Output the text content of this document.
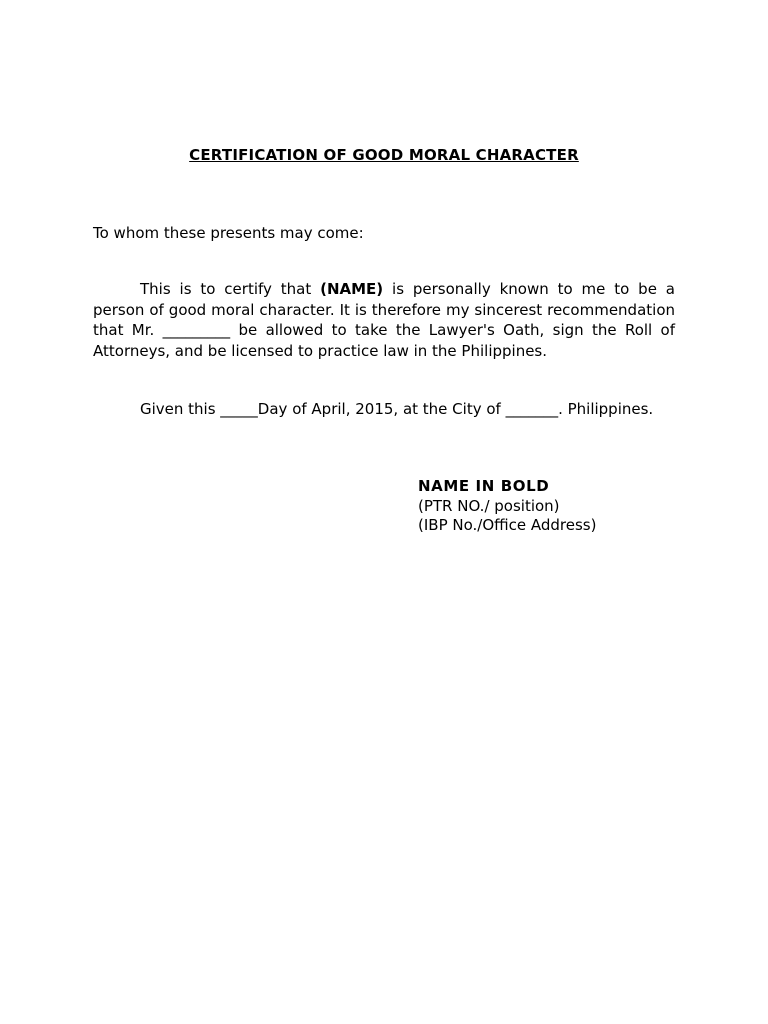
CERTIFICATION OF GOOD MORAL CHARACTER

To whom these presents may come:

This is to certify that (NAME) is personally known to me to be a person of good moral character. It is therefore my sincerest recommendation that Mr. _________ be allowed to take the Lawyer's Oath, sign the Roll of Attorneys, and be licensed to practice law in the Philippines.

Given this _____Day of April, 2015, at the City of _______. Philippines.

NAME IN BOLD
(PTR NO./ position)
(IBP No./Office Address)
